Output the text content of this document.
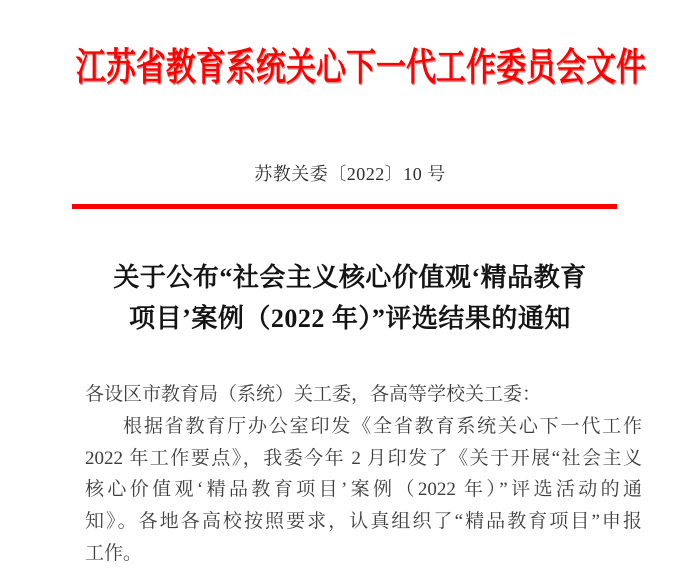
江苏省教育系统关心下一代工作委员会文件
苏教关委〔2022〕10 号
关于公布“社会主义核心价值观‘精品教育
项目’案例（2022 年）”评选结果的通知
各设区市教育局（系统）关工委，各高等学校关工委：
根据省教育厅办公室印发《全省教育系统关心下一代工作
2022 年工作要点》，我委今年 2 月印发了《关于开展“社会主义
核心价值观‘精品教育项目’案例（2022 年）”评选活动的通
知》。各地各高校按照要求，认真组织了“精品教育项目”申报
工作。
